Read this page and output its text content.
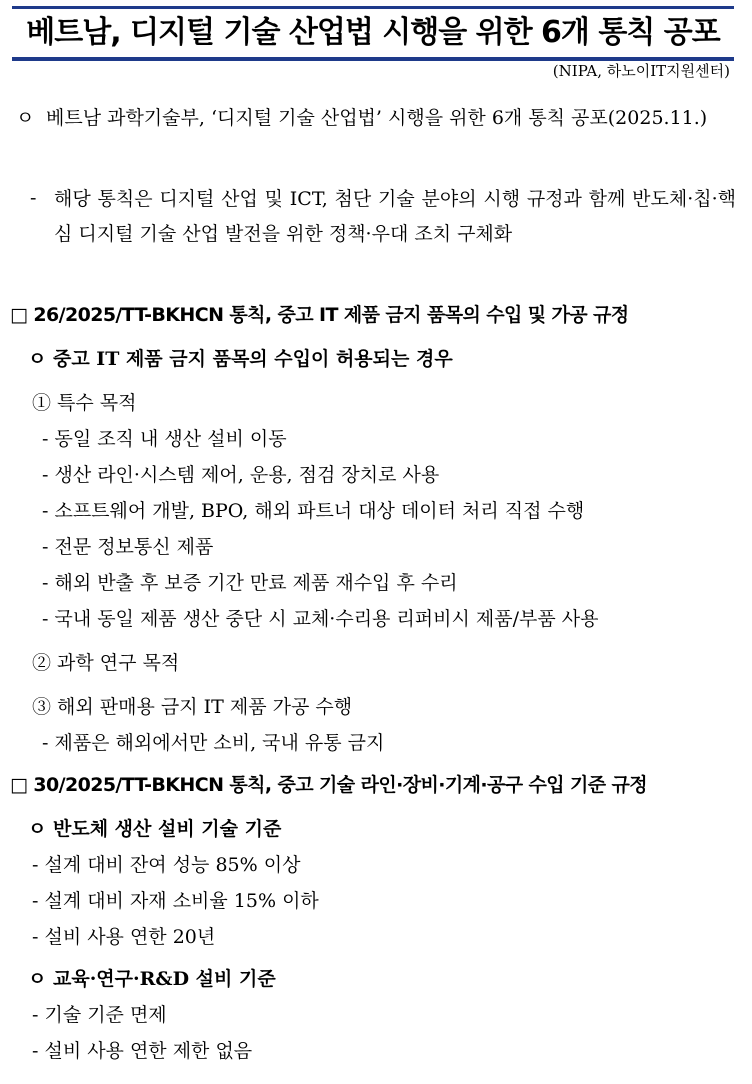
베트남, 디지털 기술 산업법 시행을 위한 6개 통칙 공포
(NIPA, 하노이IT지원센터)
ㅇ 베트남 과학기술부, ‘디지털 기술 산업법’ 시행을 위한 6개 통칙 공포(2025.11.)
- 해당 통칙은 디지털 산업 및 ICT, 첨단 기술 분야의 시행 규정과 함께 반도체·칩·핵심 디지털 기술 산업 발전을 위한 정책·우대 조치 구체화
□ 26/2025/TT-BKHCN 통칙, 중고 IT 제품 금지 품목의 수입 및 가공 규정
ㅇ 중고 IT 제품 금지 품목의 수입이 허용되는 경우
① 특수 목적
- 동일 조직 내 생산 설비 이동
- 생산 라인·시스템 제어, 운용, 점검 장치로 사용
- 소프트웨어 개발, BPO, 해외 파트너 대상 데이터 처리 직접 수행
- 전문 정보통신 제품
- 해외 반출 후 보증 기간 만료 제품 재수입 후 수리
- 국내 동일 제품 생산 중단 시 교체·수리용 리퍼비시 제품/부품 사용
② 과학 연구 목적
③ 해외 판매용 금지 IT 제품 가공 수행
- 제품은 해외에서만 소비, 국내 유통 금지
□ 30/2025/TT-BKHCN 통칙, 중고 기술 라인·장비·기계·공구 수입 기준 규정
ㅇ 반도체 생산 설비 기술 기준
- 설계 대비 잔여 성능 85% 이상
- 설계 대비 자재 소비율 15% 이하
- 설비 사용 연한 20년
ㅇ 교육·연구·R&D 설비 기준
- 기술 기준 면제
- 설비 사용 연한 제한 없음
